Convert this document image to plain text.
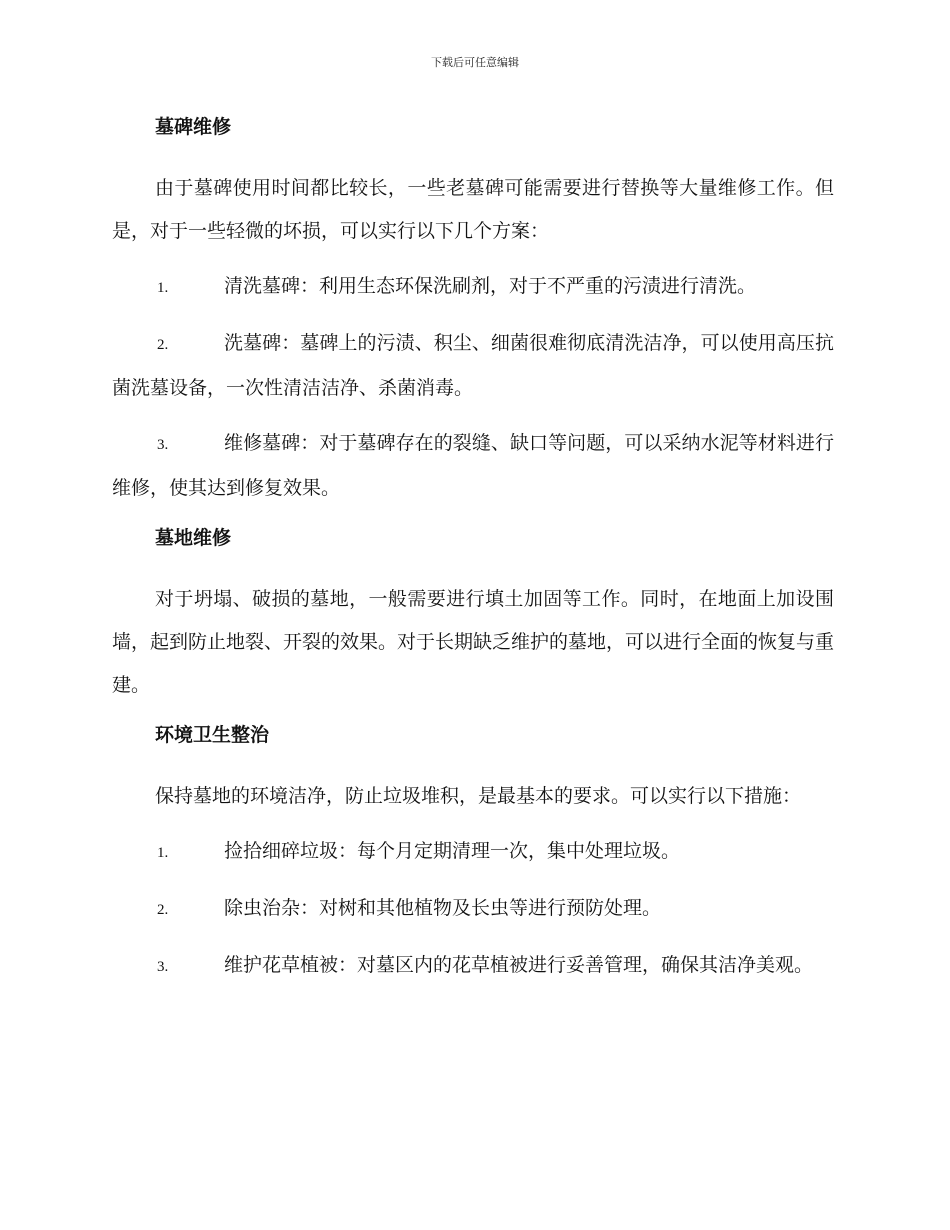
下载后可任意编辑
墓碑维修
由于墓碑使用时间都比较长，一些老墓碑可能需要进行替换等大量维修工作。但是，对于一些轻微的坏损，可以实行以下几个方案：
1.	清洗墓碑：利用生态环保洗刷剂，对于不严重的污渍进行清洗。
2.	洗墓碑：墓碑上的污渍、积尘、细菌很难彻底清洗洁净，可以使用高压抗菌洗墓设备，一次性清洁洁净、杀菌消毒。
3.	维修墓碑：对于墓碑存在的裂缝、缺口等问题，可以采纳水泥等材料进行维修，使其达到修复效果。
墓地维修
对于坍塌、破损的墓地，一般需要进行填土加固等工作。同时，在地面上加设围墙，起到防止地裂、开裂的效果。对于长期缺乏维护的墓地，可以进行全面的恢复与重建。
环境卫生整治
保持墓地的环境洁净，防止垃圾堆积，是最基本的要求。可以实行以下措施：
1.	捡拾细碎垃圾：每个月定期清理一次，集中处理垃圾。
2.	除虫治杂：对树和其他植物及长虫等进行预防处理。
3.	维护花草植被：对墓区内的花草植被进行妥善管理，确保其洁净美观。
